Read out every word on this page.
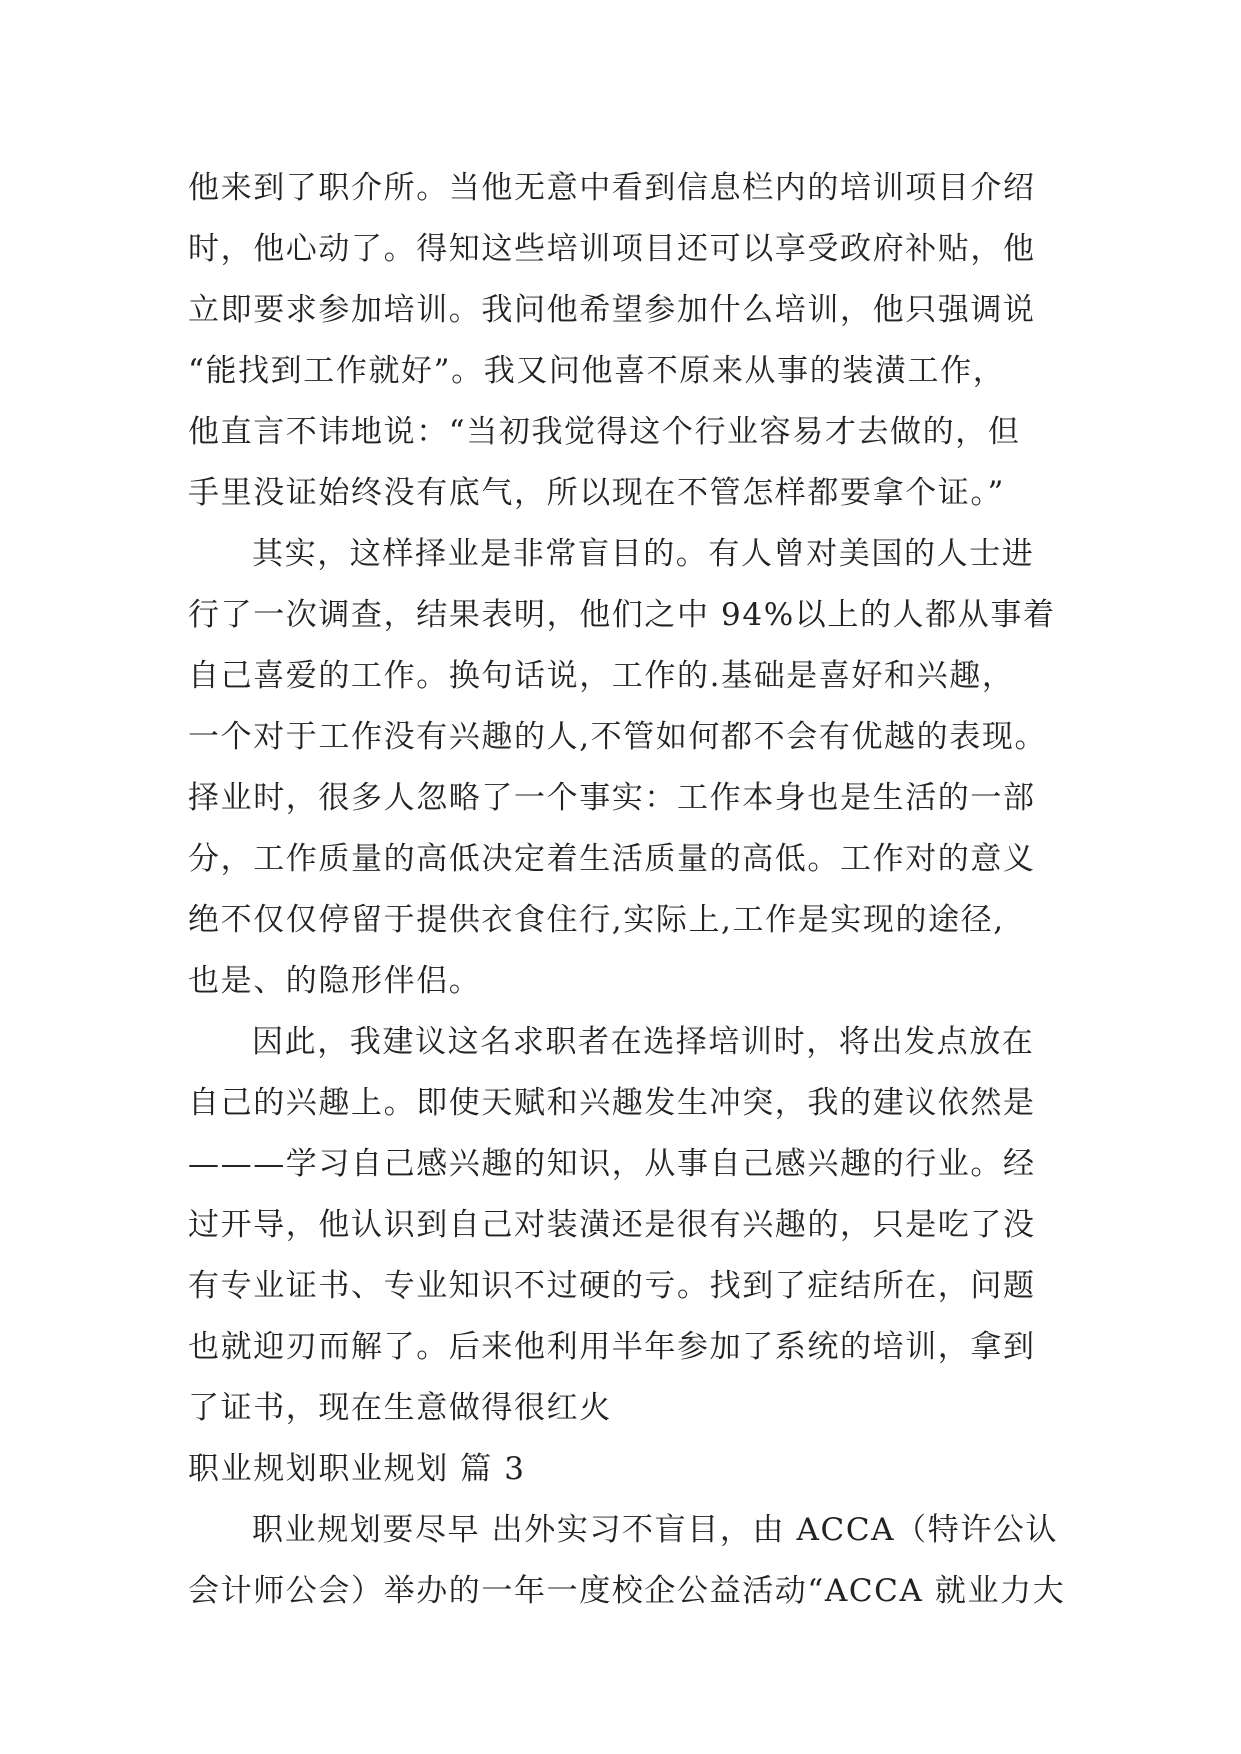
他来到了职介所。当他无意中看到信息栏内的培训项目介绍
时，他心动了。得知这些培训项目还可以享受政府补贴，他
立即要求参加培训。我问他希望参加什么培训，他只强调说
“能找到工作就好”。我又问他喜不原来从事的装潢工作，
他直言不讳地说：“当初我觉得这个行业容易才去做的，但
手里没证始终没有底气，所以现在不管怎样都要拿个证。”
其实，这样择业是非常盲目的。有人曾对美国的人士进
行了一次调查，结果表明，他们之中 94%以上的人都从事着
自己喜爱的工作。换句话说，工作的.基础是喜好和兴趣，
一个对于工作没有兴趣的人,不管如何都不会有优越的表现。
择业时，很多人忽略了一个事实：工作本身也是生活的一部
分，工作质量的高低决定着生活质量的高低。工作对的意义
绝不仅仅停留于提供衣食住行,实际上,工作是实现的途径,
也是、的隐形伴侣。
因此，我建议这名求职者在选择培训时，将出发点放在
自己的兴趣上。即使天赋和兴趣发生冲突，我的建议依然是
———学习自己感兴趣的知识，从事自己感兴趣的行业。经
过开导，他认识到自己对装潢还是很有兴趣的，只是吃了没
有专业证书、专业知识不过硬的亏。找到了症结所在，问题
也就迎刃而解了。后来他利用半年参加了系统的培训，拿到
了证书，现在生意做得很红火
职业规划职业规划 篇 3
职业规划要尽早 出外实习不盲目，由 ACCA（特许公认
会计师公会）举办的一年一度校企公益活动“ACCA 就业力大
